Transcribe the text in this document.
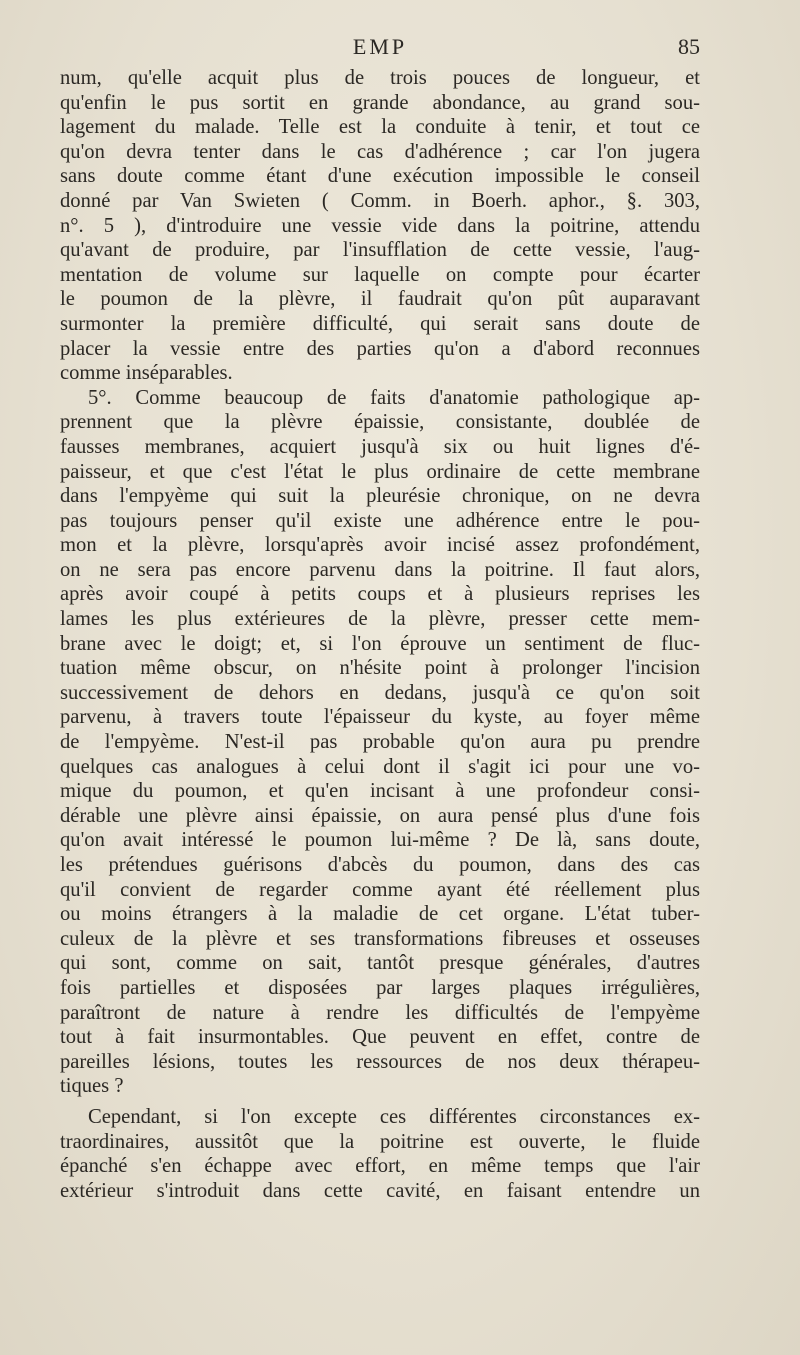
EMP	85
num, qu'elle acquit plus de trois pouces de longueur, et
qu'enfin le pus sortit en grande abondance, au grand sou-
lagement du malade. Telle est la conduite à tenir, et tout ce
qu'on devra tenter dans le cas d'adhérence ; car l'on jugera
sans doute comme étant d'une exécution impossible le conseil
donné par Van Swieten ( Comm. in Boerh. aphor., §. 303,
n°. 5 ), d'introduire une vessie vide dans la poitrine, attendu
qu'avant de produire, par l'insufflation de cette vessie, l'aug-
mentation de volume sur laquelle on compte pour écarter
le poumon de la plèvre, il faudrait qu'on pût auparavant
surmonter la première difficulté, qui serait sans doute de
placer la vessie entre des parties qu'on a d'abord reconnues
comme inséparables.
5°. Comme beaucoup de faits d'anatomie pathologique ap-
prennent que la plèvre épaissie, consistante, doublée de
fausses membranes, acquiert jusqu'à six ou huit lignes d'é-
paisseur, et que c'est l'état le plus ordinaire de cette membrane
dans l'empyème qui suit la pleurésie chronique, on ne devra
pas toujours penser qu'il existe une adhérence entre le pou-
mon et la plèvre, lorsqu'après avoir incisé assez profondément,
on ne sera pas encore parvenu dans la poitrine. Il faut alors,
après avoir coupé à petits coups et à plusieurs reprises les
lames les plus extérieures de la plèvre, presser cette mem-
brane avec le doigt; et, si l'on éprouve un sentiment de fluc-
tuation même obscur, on n'hésite point à prolonger l'incision
successivement de dehors en dedans, jusqu'à ce qu'on soit
parvenu, à travers toute l'épaisseur du kyste, au foyer même
de l'empyème. N'est-il pas probable qu'on aura pu prendre
quelques cas analogues à celui dont il s'agit ici pour une vo-
mique du poumon, et qu'en incisant à une profondeur consi-
dérable une plèvre ainsi épaissie, on aura pensé plus d'une fois
qu'on avait intéressé le poumon lui-même ? De là, sans doute,
les prétendues guérisons d'abcès du poumon, dans des cas
qu'il convient de regarder comme ayant été réellement plus
ou moins étrangers à la maladie de cet organe. L'état tuber-
culeux de la plèvre et ses transformations fibreuses et osseuses
qui sont, comme on sait, tantôt presque générales, d'autres
fois partielles et disposées par larges plaques irrégulières,
paraîtront de nature à rendre les difficultés de l'empyème
tout à fait insurmontables. Que peuvent en effet, contre de
pareilles lésions, toutes les ressources de nos deux thérapeu-
tiques ?
Cependant, si l'on excepte ces différentes circonstances ex-
traordinaires, aussitôt que la poitrine est ouverte, le fluide
épanché s'en échappe avec effort, en même temps que l'air
extérieur s'introduit dans cette cavité, en faisant entendre un
